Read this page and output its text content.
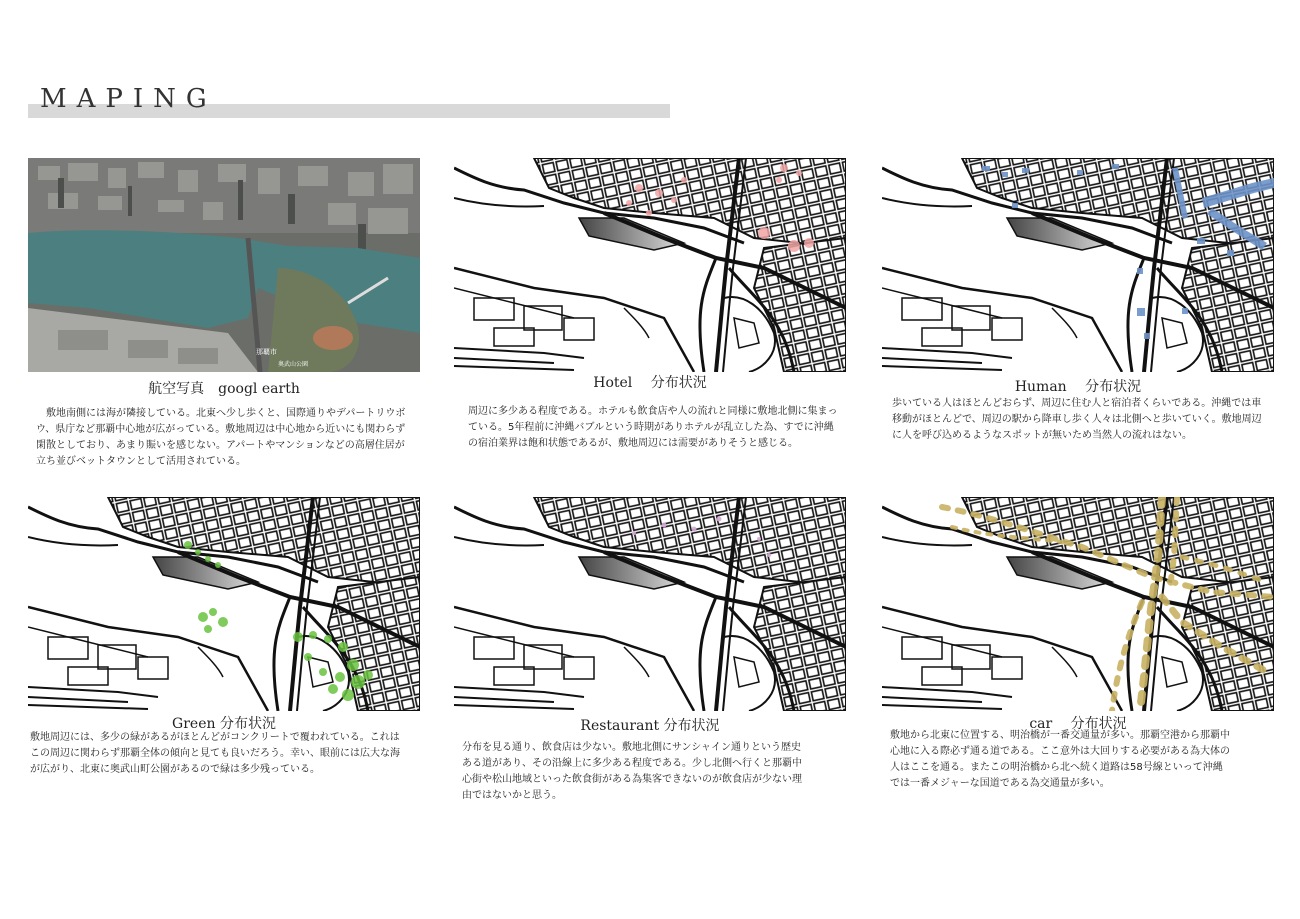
MAPING
那覇市
奥武山公園
航空写真　googl earth
敷地南側には海が隣接している。北東へ少し歩くと、国際通りやデパートリウボウ、県庁など那覇中心地が広がっている。敷地周辺は中心地から近いにも関わらず閑散としており、あまり賑いを感じない。アパートやマンションなどの高層住居が立ち並びベットタウンとして活用されている。
Hotel　 分布状況
周辺に多少ある程度である。ホテルも飲食店や人の流れと同様に敷地北側に集まっている。5年程前に沖縄バブルという時期がありホテルが乱立した為、すでに沖縄の宿泊業界は飽和状態であるが、敷地周辺には需要がありそうと感じる。
Human　 分布状況
歩いている人はほとんどおらず、周辺に住む人と宿泊者くらいである。沖縄では車移動がほとんどで、周辺の駅から降車し歩く人々は北側へと歩いていく。敷地周辺に人を呼び込めるようなスポットが無いため当然人の流れはない。
Green 分布状況
敷地周辺には、多少の緑があるがほとんどがコンクリートで覆われている。これはこの周辺に関わらず那覇全体の傾向と見ても良いだろう。幸い、眼前には広大な海が広がり、北東に奥武山町公園があるので緑は多少残っている。
Restaurant 分布状況
分布を見る通り、飲食店は少ない。敷地北側にサンシャイン通りという歴史ある道があり、その沿線上に多少ある程度である。少し北側へ行くと那覇中心街や松山地域といった飲食街がある為集客できないのが飲食店が少ない理由ではないかと思う。
car　 分布状況
敷地から北東に位置する、明治橋が一番交通量が多い。那覇空港から那覇中心地に入る際必ず通る道である。ここ意外は大回りする必要がある為大体の人はここを通る。またこの明治橋から北へ続く道路は58号線といって沖縄では一番メジャーな国道である為交通量が多い。
